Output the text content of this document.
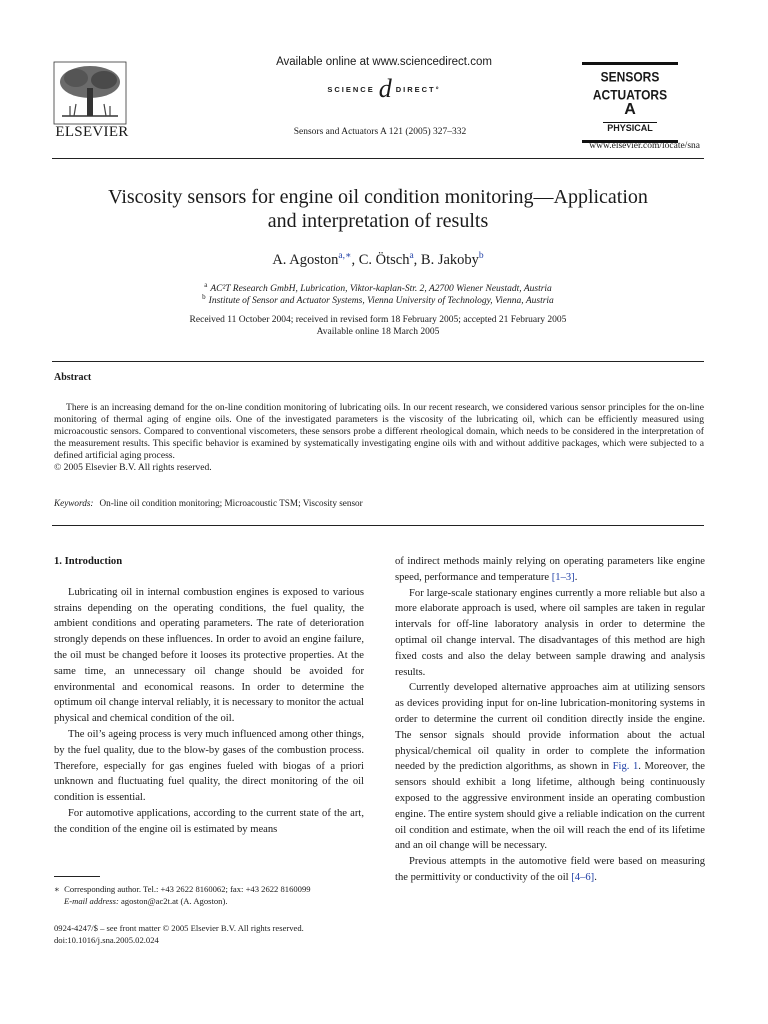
ELSEVIER
Available online at www.sciencedirect.com
SCIENCE d DIRECT°
Sensors and Actuators A 121 (2005) 327–332
SENSORS
ACTUATORS
A
PHYSICAL
www.elsevier.com/locate/sna
Viscosity sensors for engine oil condition monitoring—Application
and interpretation of results
A. Agoston$^{a,∗}$, C. Ötsch$^a$, B. Jakoby$^b$
$^a$ AC²T Research GmbH, Lubrication, Viktor-kaplan-Str. 2, A2700 Wiener Neustadt, Austria
$^b$ Institute of Sensor and Actuator Systems, Vienna University of Technology, Vienna, Austria
Received 11 October 2004; received in revised form 18 February 2005; accepted 21 February 2005
Available online 18 March 2005
Abstract

There is an increasing demand for the on-line condition monitoring of lubricating oils. In our recent research, we considered various sensor principles for the on-line monitoring of thermal aging of engine oils. One of the investigated parameters is the viscosity of the lubricating oil, which can be efficiently measured using microacoustic sensors. Compared to conventional viscometers, these sensors probe a different rheological domain, which needs to be considered in the interpretation of the measurement results. This specific behavior is examined by systematically investigating engine oils with and without additive packages, which were subjected to a defined artificial aging process.

© 2005 Elsevier B.V. All rights reserved.

Keywords: On-line oil condition monitoring; Microacoustic TSM; Viscosity sensor

1. Introduction

Lubricating oil in internal combustion engines is exposed to various strains depending on the operating conditions, the fuel quality, the ambient conditions and operating parameters. The rate of deterioration strongly depends on these influences. In order to avoid an engine failure, the oil must be changed before it looses its protective properties. At the same time, an unnecessary oil change should be avoided for environmental and economical reasons. In order to determine the optimum oil change interval reliably, it is necessary to monitor the actual physical and chemical condition of the oil.

The oil’s ageing process is very much influenced among other things, by the fuel quality, due to the blow-by gases of the combustion process. Therefore, especially for gas engines fueled with biogas of a priori unknown and fluctuating fuel quality, the direct monitoring of the oil condition is essential.

For automotive applications, according to the current state of the art, the condition of the engine oil is estimated by means

of indirect methods mainly relying on operating parameters like engine speed, performance and temperature [1–3].

For large-scale stationary engines currently a more reliable but also a more elaborate approach is used, where oil samples are taken in regular intervals for off-line laboratory analysis in order to determine the optimal oil change interval. The disadvantages of this method are high fixed costs and also the delay between sample drawing and analysis results.

Currently developed alternative approaches aim at utilizing sensors as devices providing input for on-line lubrication-monitoring systems in order to determine the current oil condition directly inside the engine. The sensor signals should provide information about the actual physical/chemical oil quality in order to complete the information needed by the prediction algorithms, as shown in Fig. 1. Moreover, the sensors should exhibit a long lifetime, although being continuously exposed to the aggressive environment inside an operating combustion engine. The entire system should give a reliable indication on the current oil condition and estimate, when the oil will reach the end of its lifetime and an oil change will be necessary.

Previous attempts in the automotive field were based on measuring the permittivity or conductivity of the oil [4–6].

∗ Corresponding author. Tel.: +43 2622 8160062; fax: +43 2622 8160099
E-mail address: agoston@ac2t.at (A. Agoston).
0924-4247/$ – see front matter © 2005 Elsevier B.V. All rights reserved.
doi:10.1016/j.sna.2005.02.024
